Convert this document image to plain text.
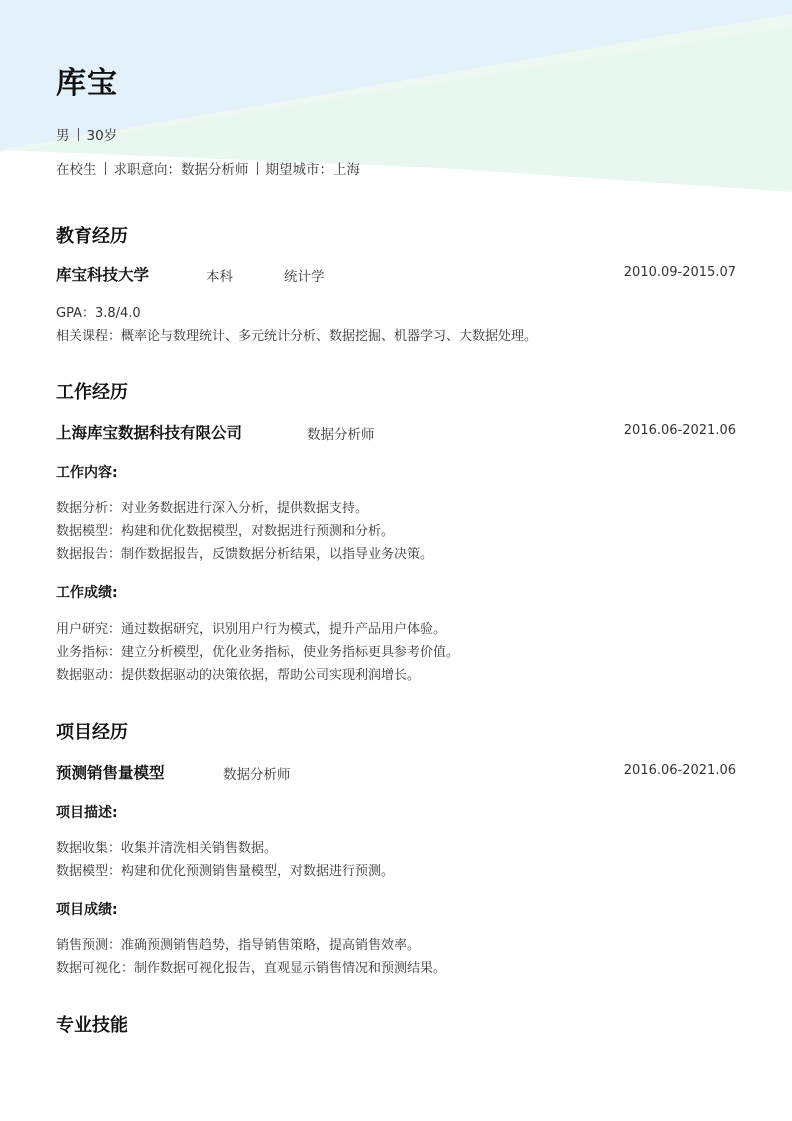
库宝
男 30岁
在校生 求职意向：数据分析师 期望城市：上海
教育经历
库宝科技大学	本科	统计学	2010.09-2015.07
GPA：3.8/4.0
相关课程：概率论与数理统计、多元统计分析、数据挖掘、机器学习、大数据处理。
工作经历
上海库宝数据科技有限公司	数据分析师	2016.06-2021.06
工作内容:
数据分析：对业务数据进行深入分析，提供数据支持。
数据模型：构建和优化数据模型，对数据进行预测和分析。
数据报告：制作数据报告，反馈数据分析结果，以指导业务决策。
工作成绩:
用户研究：通过数据研究，识别用户行为模式，提升产品用户体验。
业务指标：建立分析模型，优化业务指标，使业务指标更具参考价值。
数据驱动：提供数据驱动的决策依据，帮助公司实现利润增长。
项目经历
预测销售量模型	数据分析师	2016.06-2021.06
项目描述:
数据收集：收集并清洗相关销售数据。
数据模型：构建和优化预测销售量模型，对数据进行预测。
项目成绩:
销售预测：准确预测销售趋势，指导销售策略，提高销售效率。
数据可视化：制作数据可视化报告，直观显示销售情况和预测结果。
专业技能
